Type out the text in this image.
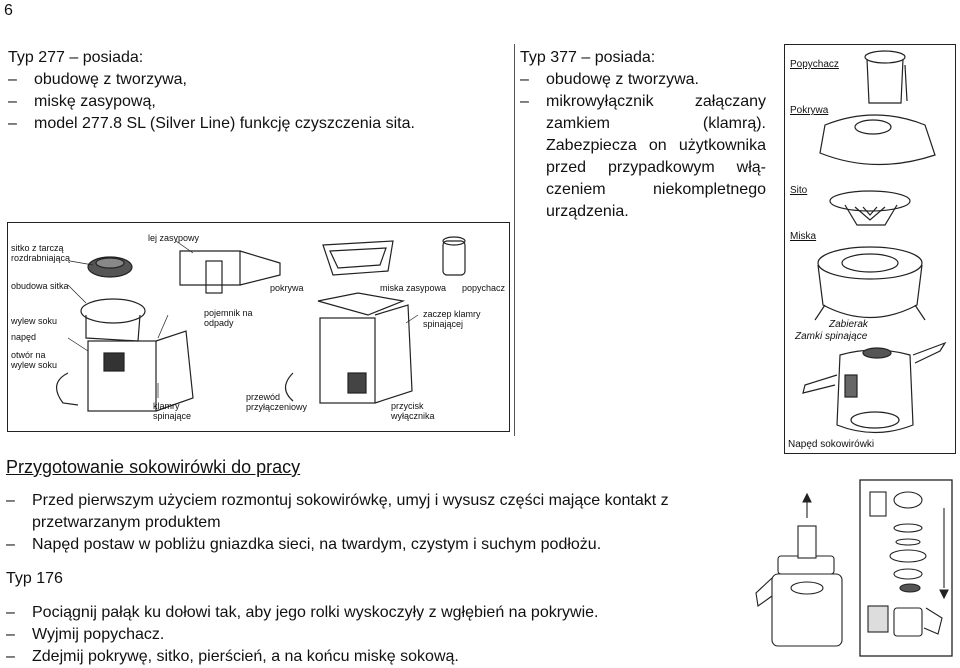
6
Typ 277 – posiada:
–	obudowę z tworzywa,
–	miskę zasypową,
–	model 277.8 SL (Silver Line) funkcję czyszczenia sita.
sitko z tarczą rozdrabniającą
lej zasypowy
obudowa sitka	pokrywa	miska zasypowa popychacz
wylew soku
pojemnik na odpady
zaczep klamry spinającej
napęd
otwór na wylew soku
przewód przyłączeniowy
klamry spinające
przycisk wyłącznika
Typ 377 – posiada:
–	obudowę z tworzywa.
–	mikrowyłącznik załączany zamkiem (klamrą). Zabezpiecza on użytkownika przed przypadkowym włą-czeniem niekompletnego urządzenia.
Popychacz
Pokrywa
Sito
Miska
Zabierak
Zamki spinające
Napęd sokowirówki
Przygotowanie sokowirówki do pracy
–	Przed pierwszym użyciem rozmontuj sokowirówkę, umyj i wysusz części mające kontakt z przetwarzanym produktem
–	Napęd postaw w pobliżu gniazdka sieci, na twardym, czystym i suchym podłożu.
Typ 176
–	Pociągnij pałąk ku dołowi tak, aby jego rolki wyskoczyły z wgłębień na pokrywie.
–	Wyjmij popychacz.
–	Zdejmij pokrywę, sitko, pierścień, a na końcu miskę sokową.
